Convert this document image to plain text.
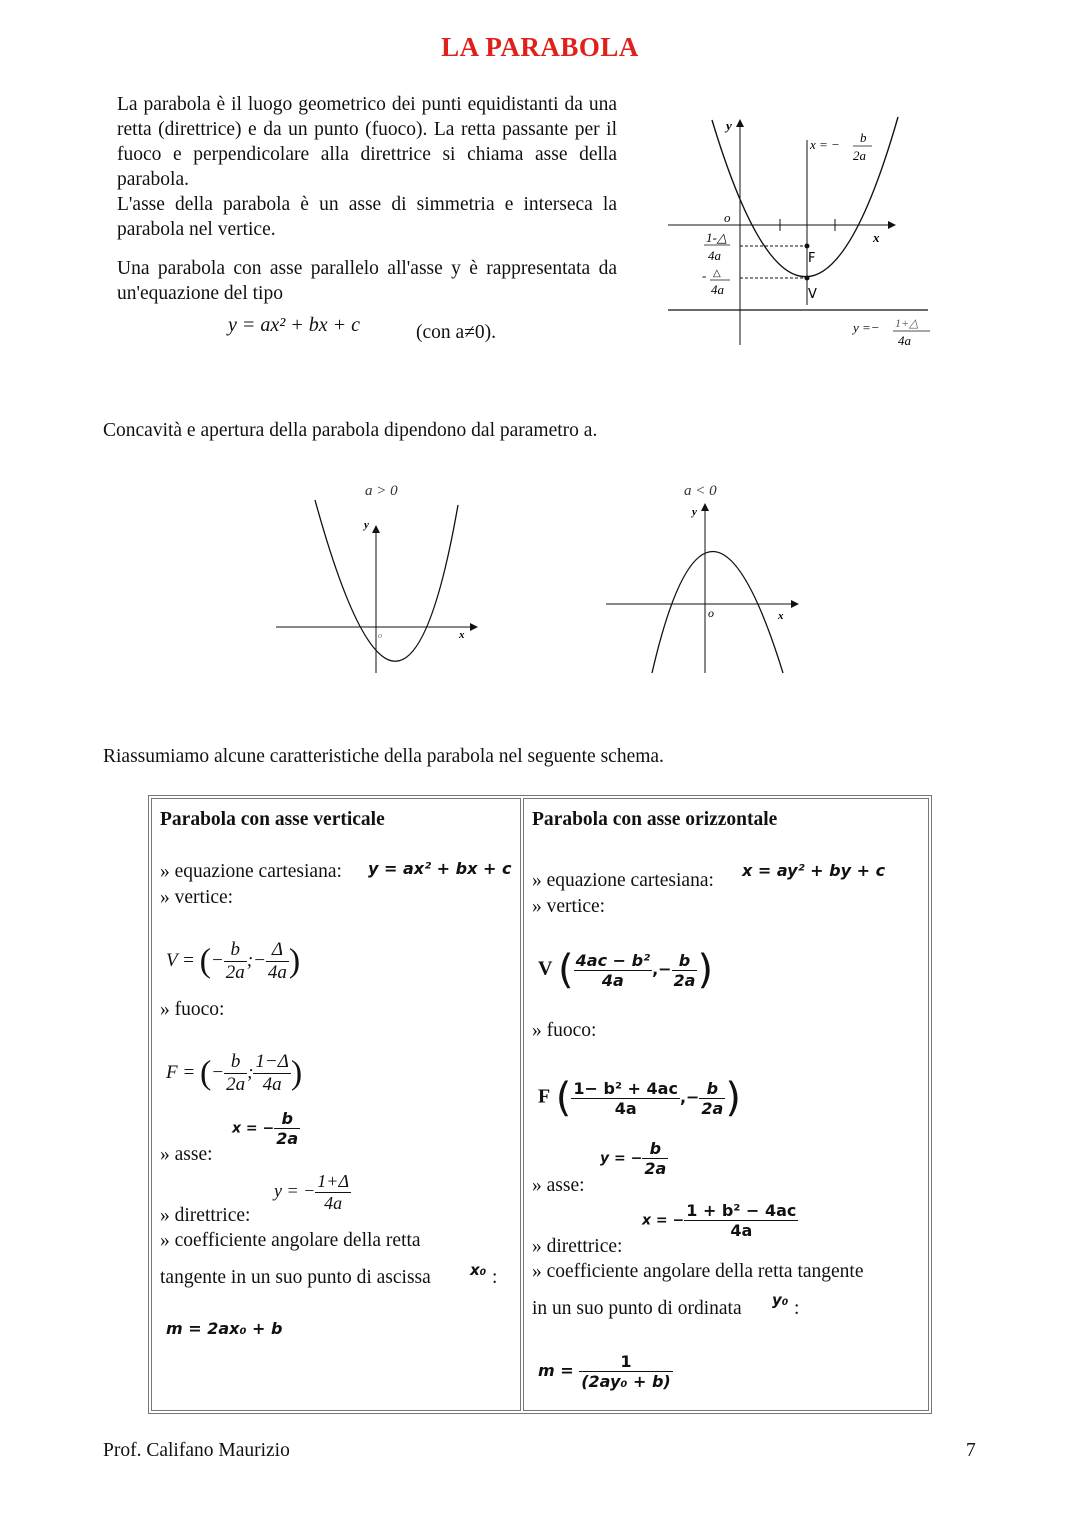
LA PARABOLA

La parabola è il luogo geometrico dei punti equidistanti da una retta (direttrice) e da un punto (fuoco). La retta passante per il fuoco e perpendicolare alla direttrice si chiama asse della parabola.

L'asse della parabola è un asse di simmetria e interseca la parabola nel vertice.

Una parabola con asse parallelo all'asse y è rappresentata da un'equazione del tipo

y = ax² + bx + c	(con a≠0).
y
x
o
x = − b
2a
1-△
4a
- △
4a
F
V
y =− 1+△
4a
Concavità e apertura della parabola dipendono dal parametro a.
a > 0
y
x
o
a < 0
y
x
o
Riassumiamo alcune caratteristiche della parabola nel seguente schema.
Parabola con asse verticale
» equazione cartesiana: y = ax² + bx + c
» vertice:
V = (− $\frac{b}{2a}$ ;− $\frac{\Delta}{4a}$ )
» fuoco:
F = (− $\frac{b}{2a}$ ; $\frac{1-\Delta}{4a}$ )
x = − $\frac{b}{2a}$
» asse:
y = − $\frac{1+\Delta}{4a}$
» direttrice:
» coefficiente angolare della retta
tangente in un suo punto di ascissa	x₀ :
m = 2ax₀ + b

Parabola con asse orizzontale
» equazione cartesiana: x = ay² + by + c
» vertice:
V ( $\frac{\text{4ac − b²}}{4a}$ ,− $\frac{b}{2a}$ )
» fuoco:
F ( $\frac{\text{1− b² + 4ac}}{4a}$ ,− $\frac{b}{2a}$ )
y = − $\frac{b}{2a}$
» asse:
x = − $\frac{\text{1 + b² − 4ac}}{4a}$
» direttrice:
» coefficiente angolare della retta tangente
in un suo punto di ordinata y₀ :
$m = \frac{1}{\text{(2ay₀ + b)}}$
Prof. Califano Maurizio	7
